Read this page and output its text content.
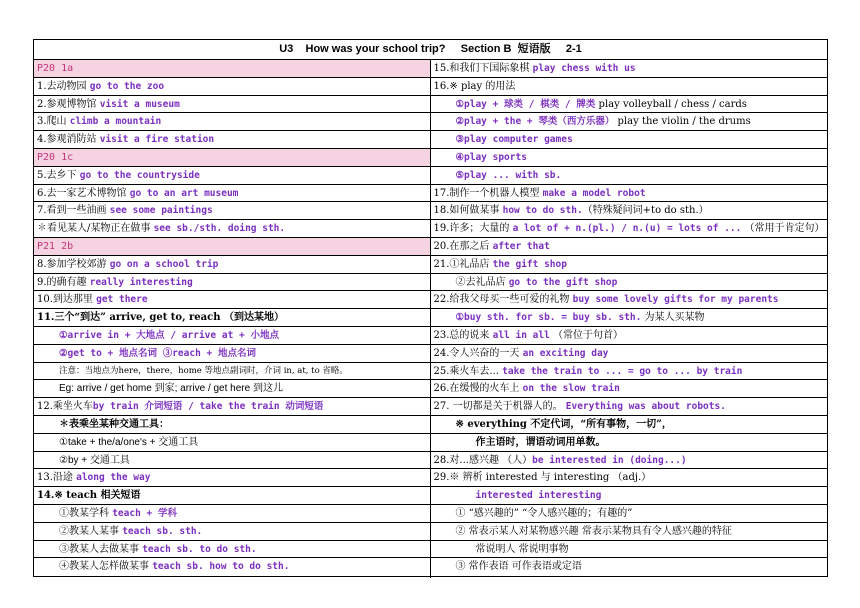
U3    How was your school trip?     Section B  短语版     2-1
P20 1a
1.去动物园 go to the zoo
2.参观博物馆 visit a museum
3.爬山 climb a mountain
4.参观消防站 visit a fire station
P20 1c
5.去乡下 go to the countryside
6.去一家艺术博物馆 go to an art museum
7.看到一些油画 see some paintings
✽看见某人/某物正在做事 see sb./sth. doing sth.
P21 2b
8.参加学校郊游 go on a school trip
9.的确有趣 really interesting
10.到达那里 get there
11.三个“到达” arrive, get to, reach （到达某地）
①arrive in + 大地点 / arrive at + 小地点
②get to + 地点名词 ③reach + 地点名词
注意：当地点为here，there，home 等地点副词时，介词 in, at, to 省略。
Eg: arrive / get home 到家; arrive / get here 到这儿
12.乘坐火车by train 介词短语 / take the train 动词短语
✽表乘坐某种交通工具：
①take + the/a/one's + 交通工具
②by + 交通工具
13.沿途 along the way
14.※ teach 相关短语
①教某学科 teach + 学科
②教某人某事 teach sb. sth.
③教某人去做某事 teach sb. to do sth.
④教某人怎样做某事 teach sb. how to do sth.
15.和我们下国际象棋 play chess with us
16.※ play 的用法
①play + 球类 / 棋类 / 牌类 play volleyball / chess / cards
②play + the + 琴类（西方乐器） play the violin / the drums
③play computer games
④play sports
⑤play ... with sb.
17.制作一个机器人模型 make a model robot
18.如何做某事 how to do sth.（特殊疑问词+to do sth.）
19.许多；大量的 a lot of + n.(pl.) / n.(u) = lots of ... （常用于肯定句）
20.在那之后 after that
21.①礼品店 the gift shop
②去礼品店 go to the gift shop
22.给我父母买一些可爱的礼物 buy some lovely gifts for my parents
①buy sth. for sb. = buy sb. sth. 为某人买某物
23.总的说来 all in all （常位于句首）
24.令人兴奋的一天 an exciting day
25.乘火车去... take the train to ... = go to ... by train
26.在缓慢的火车上 on the slow train
27. 一切都是关于机器人的。 Everything was about robots.
※ everything 不定代词，“所有事物，一切”，
作主语时，谓语动词用单数。
28.对...感兴趣 （人）be interested in (doing...)
29.※ 辨析 interested 与 interesting （adj.）
interested interesting
① “感兴趣的” “令人感兴趣的；有趣的”
② 常表示某人对某物感兴趣 常表示某物具有令人感兴趣的特征
常说明人 常说明事物
③ 常作表语 可作表语或定语
